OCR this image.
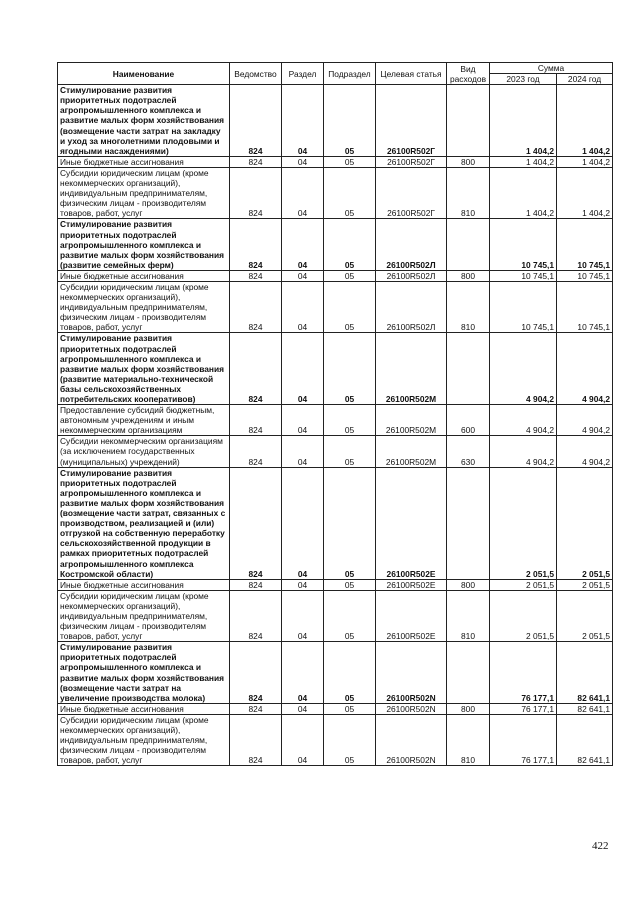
Наименование	Ведомство	Раздел	Подраздел	Целевая статья	Вид расходов	Сумма	
						2023 год	2024 год
Стимулирование развития приоритетных подотраслей агропромышленного комплекса и развитие малых форм хозяйствования (возмещение части затрат на закладку и уход за многолетними плодовыми и ягодными насаждениями)	824	04	05	26100R502Г		1 404,2	1 404,2
Иные бюджетные ассигнования	824	04	05	26100R502Г	800	1 404,2	1 404,2
Субсидии юридическим лицам (кроме некоммерческих организаций), индивидуальным предпринимателям, физическим лицам - производителям товаров, работ, услуг	824	04	05	26100R502Г	810	1 404,2	1 404,2
Стимулирование развития приоритетных подотраслей агропромышленного комплекса и развитие малых форм хозяйствования (развитие семейных ферм)	824	04	05	26100R502Л		10 745,1	10 745,1
Иные бюджетные ассигнования	824	04	05	26100R502Л	800	10 745,1	10 745,1
Субсидии юридическим лицам (кроме некоммерческих организаций), индивидуальным предпринимателям, физическим лицам - производителям товаров, работ, услуг	824	04	05	26100R502Л	810	10 745,1	10 745,1
Стимулирование развития приоритетных подотраслей агропромышленного комплекса и развитие малых форм хозяйствования (развитие материально-технической базы сельскохозяйственных потребительских кооперативов)	824	04	05	26100R502М		4 904,2	4 904,2
Предоставление субсидий бюджетным, автономным учреждениям и иным некоммерческим организациям	824	04	05	26100R502М	600	4 904,2	4 904,2
Субсидии некоммерческим организациям (за исключением государственных (муниципальных) учреждений)	824	04	05	26100R502М	630	4 904,2	4 904,2
Стимулирование развития приоритетных подотраслей агропромышленного комплекса и развитие малых форм хозяйствования (возмещение части затрат, связанных с производством, реализацией и (или) отгрузкой на собственную переработку сельскохозяйственной продукции в рамках приоритетных подотраслей агропромышленного комплекса Костромской области)	824	04	05	26100R502Е		2 051,5	2 051,5
Иные бюджетные ассигнования	824	04	05	26100R502Е	800	2 051,5	2 051,5
Субсидии юридическим лицам (кроме некоммерческих организаций), индивидуальным предпринимателям, физическим лицам - производителям товаров, работ, услуг	824	04	05	26100R502Е	810	2 051,5	2 051,5
Стимулирование развития приоритетных подотраслей агропромышленного комплекса и развитие малых форм хозяйствования (возмещение части затрат на увеличение производства молока)	824	04	05	26100R502N		76 177,1	82 641,1
Иные бюджетные ассигнования	824	04	05	26100R502N	800	76 177,1	82 641,1
Субсидии юридическим лицам (кроме некоммерческих организаций), индивидуальным предпринимателям, физическим лицам - производителям товаров, работ, услуг	824	04	05	26100R502N	810	76 177,1	82 641,1
422
